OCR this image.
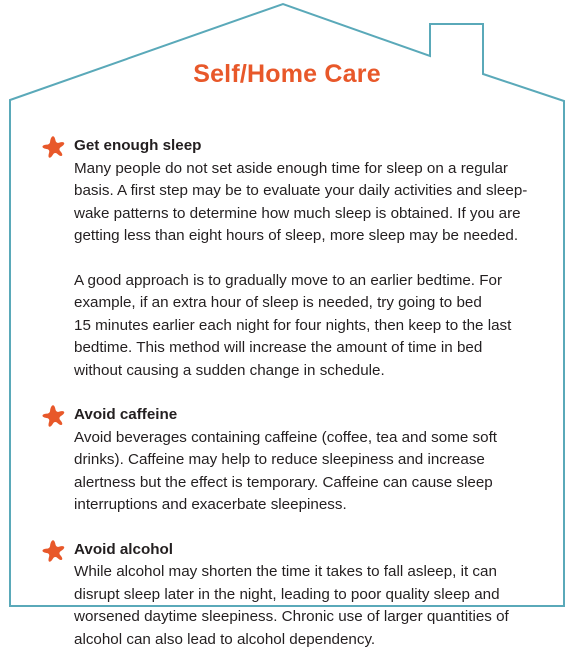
Self/Home Care
Get enough sleep

Many people do not set aside enough time for sleep on a regular
basis. A first step may be to evaluate your daily activities and sleep-
wake patterns to determine how much sleep is obtained. If you are
getting less than eight hours of sleep, more sleep may be needed.

A good approach is to gradually move to an earlier bedtime. For
example, if an extra hour of sleep is needed, try going to bed
15 minutes earlier each night for four nights, then keep to the last
bedtime. This method will increase the amount of time in bed
without causing a sudden change in schedule.

Avoid caffeine

Avoid beverages containing caffeine (coffee, tea and some soft
drinks). Caffeine may help to reduce sleepiness and increase
alertness but the effect is temporary. Caffeine can cause sleep
interruptions and exacerbate sleepiness.

Avoid alcohol

While alcohol may shorten the time it takes to fall asleep, it can
disrupt sleep later in the night, leading to poor quality sleep and
worsened daytime sleepiness. Chronic use of larger quantities of
alcohol can also lead to alcohol dependency.
